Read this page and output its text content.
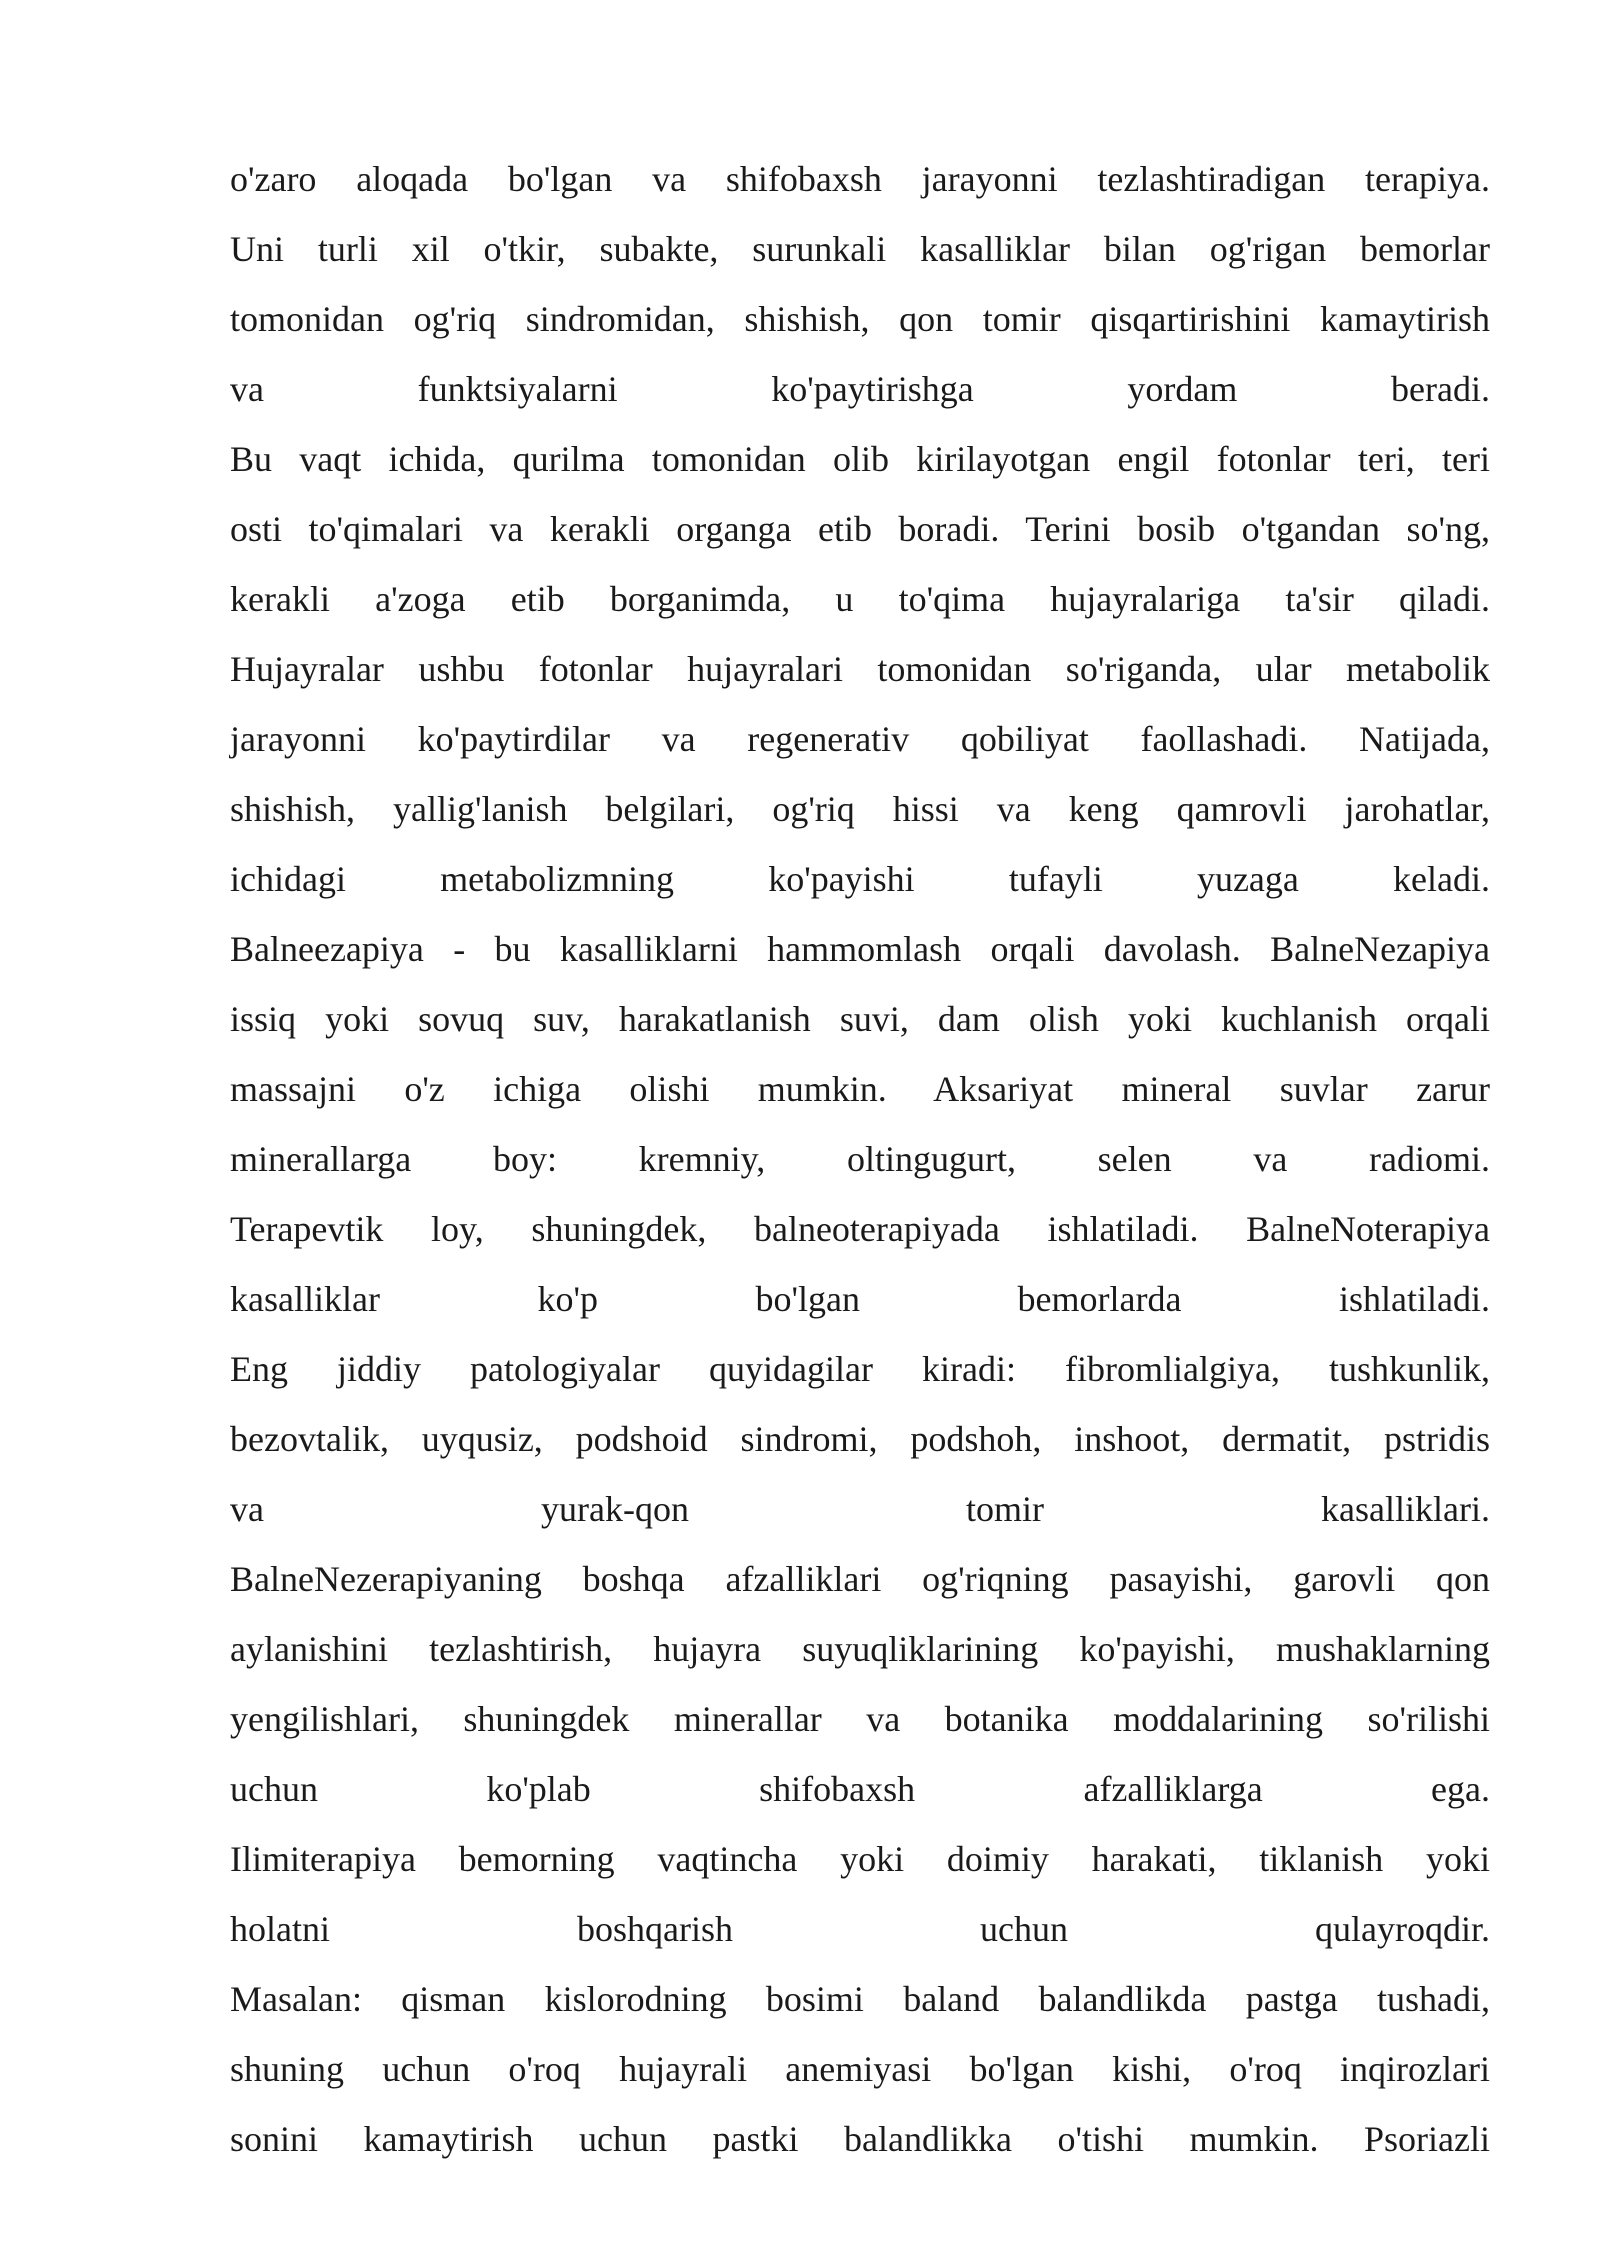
o'zaro aloqada bo'lgan va shifobaxsh jarayonni tezlashtiradigan terapiya.
Uni turli xil o'tkir, subakte, surunkali kasalliklar bilan og'rigan bemorlar
tomonidan og'riq sindromidan, shishish, qon tomir qisqartirishini kamaytirish
va funktsiyalarni ko'paytirishga yordam beradi.
Bu vaqt ichida, qurilma tomonidan olib kirilayotgan engil fotonlar teri, teri
osti to'qimalari va kerakli organga etib boradi. Terini bosib o'tgandan so'ng,
kerakli a'zoga etib borganimda, u to'qima hujayralariga ta'sir qiladi.
Hujayralar ushbu fotonlar hujayralari tomonidan so'riganda, ular metabolik
jarayonni ko'paytirdilar va regenerativ qobiliyat faollashadi. Natijada,
shishish, yallig'lanish belgilari, og'riq hissi va keng qamrovli jarohatlar,
ichidagi metabolizmning ko'payishi tufayli yuzaga keladi.
Balneezapiya - bu kasalliklarni hammomlash orqali davolash. BalneNezapiya
issiq yoki sovuq suv, harakatlanish suvi, dam olish yoki kuchlanish orqali
massajni o'z ichiga olishi mumkin. Aksariyat mineral suvlar zarur
minerallarga boy: kremniy, oltingugurt, selen va radiomi.
Terapevtik loy, shuningdek, balneoterapiyada ishlatiladi. BalneNoterapiya
kasalliklar ko'p bo'lgan bemorlarda ishlatiladi.
Eng jiddiy patologiyalar quyidagilar kiradi: fibromlialgiya, tushkunlik,
bezovtalik, uyqusiz, podshoid sindromi, podshoh, inshoot, dermatit, pstridis
va yurak-qon tomir kasalliklari.
BalneNezerapiyaning boshqa afzalliklari og'riqning pasayishi, garovli qon
aylanishini tezlashtirish, hujayra suyuqliklarining ko'payishi, mushaklarning
yengilishlari, shuningdek minerallar va botanika moddalarining so'rilishi
uchun ko'plab shifobaxsh afzalliklarga ega.
Ilimiterapiya bemorning vaqtincha yoki doimiy harakati, tiklanish yoki
holatni boshqarish uchun qulayroqdir.
Masalan: qisman kislorodning bosimi baland balandlikda pastga tushadi,
shuning uchun o'roq hujayrali anemiyasi bo'lgan kishi, o'roq inqirozlari
sonini kamaytirish uchun pastki balandlikka o'tishi mumkin. Psoriazli
